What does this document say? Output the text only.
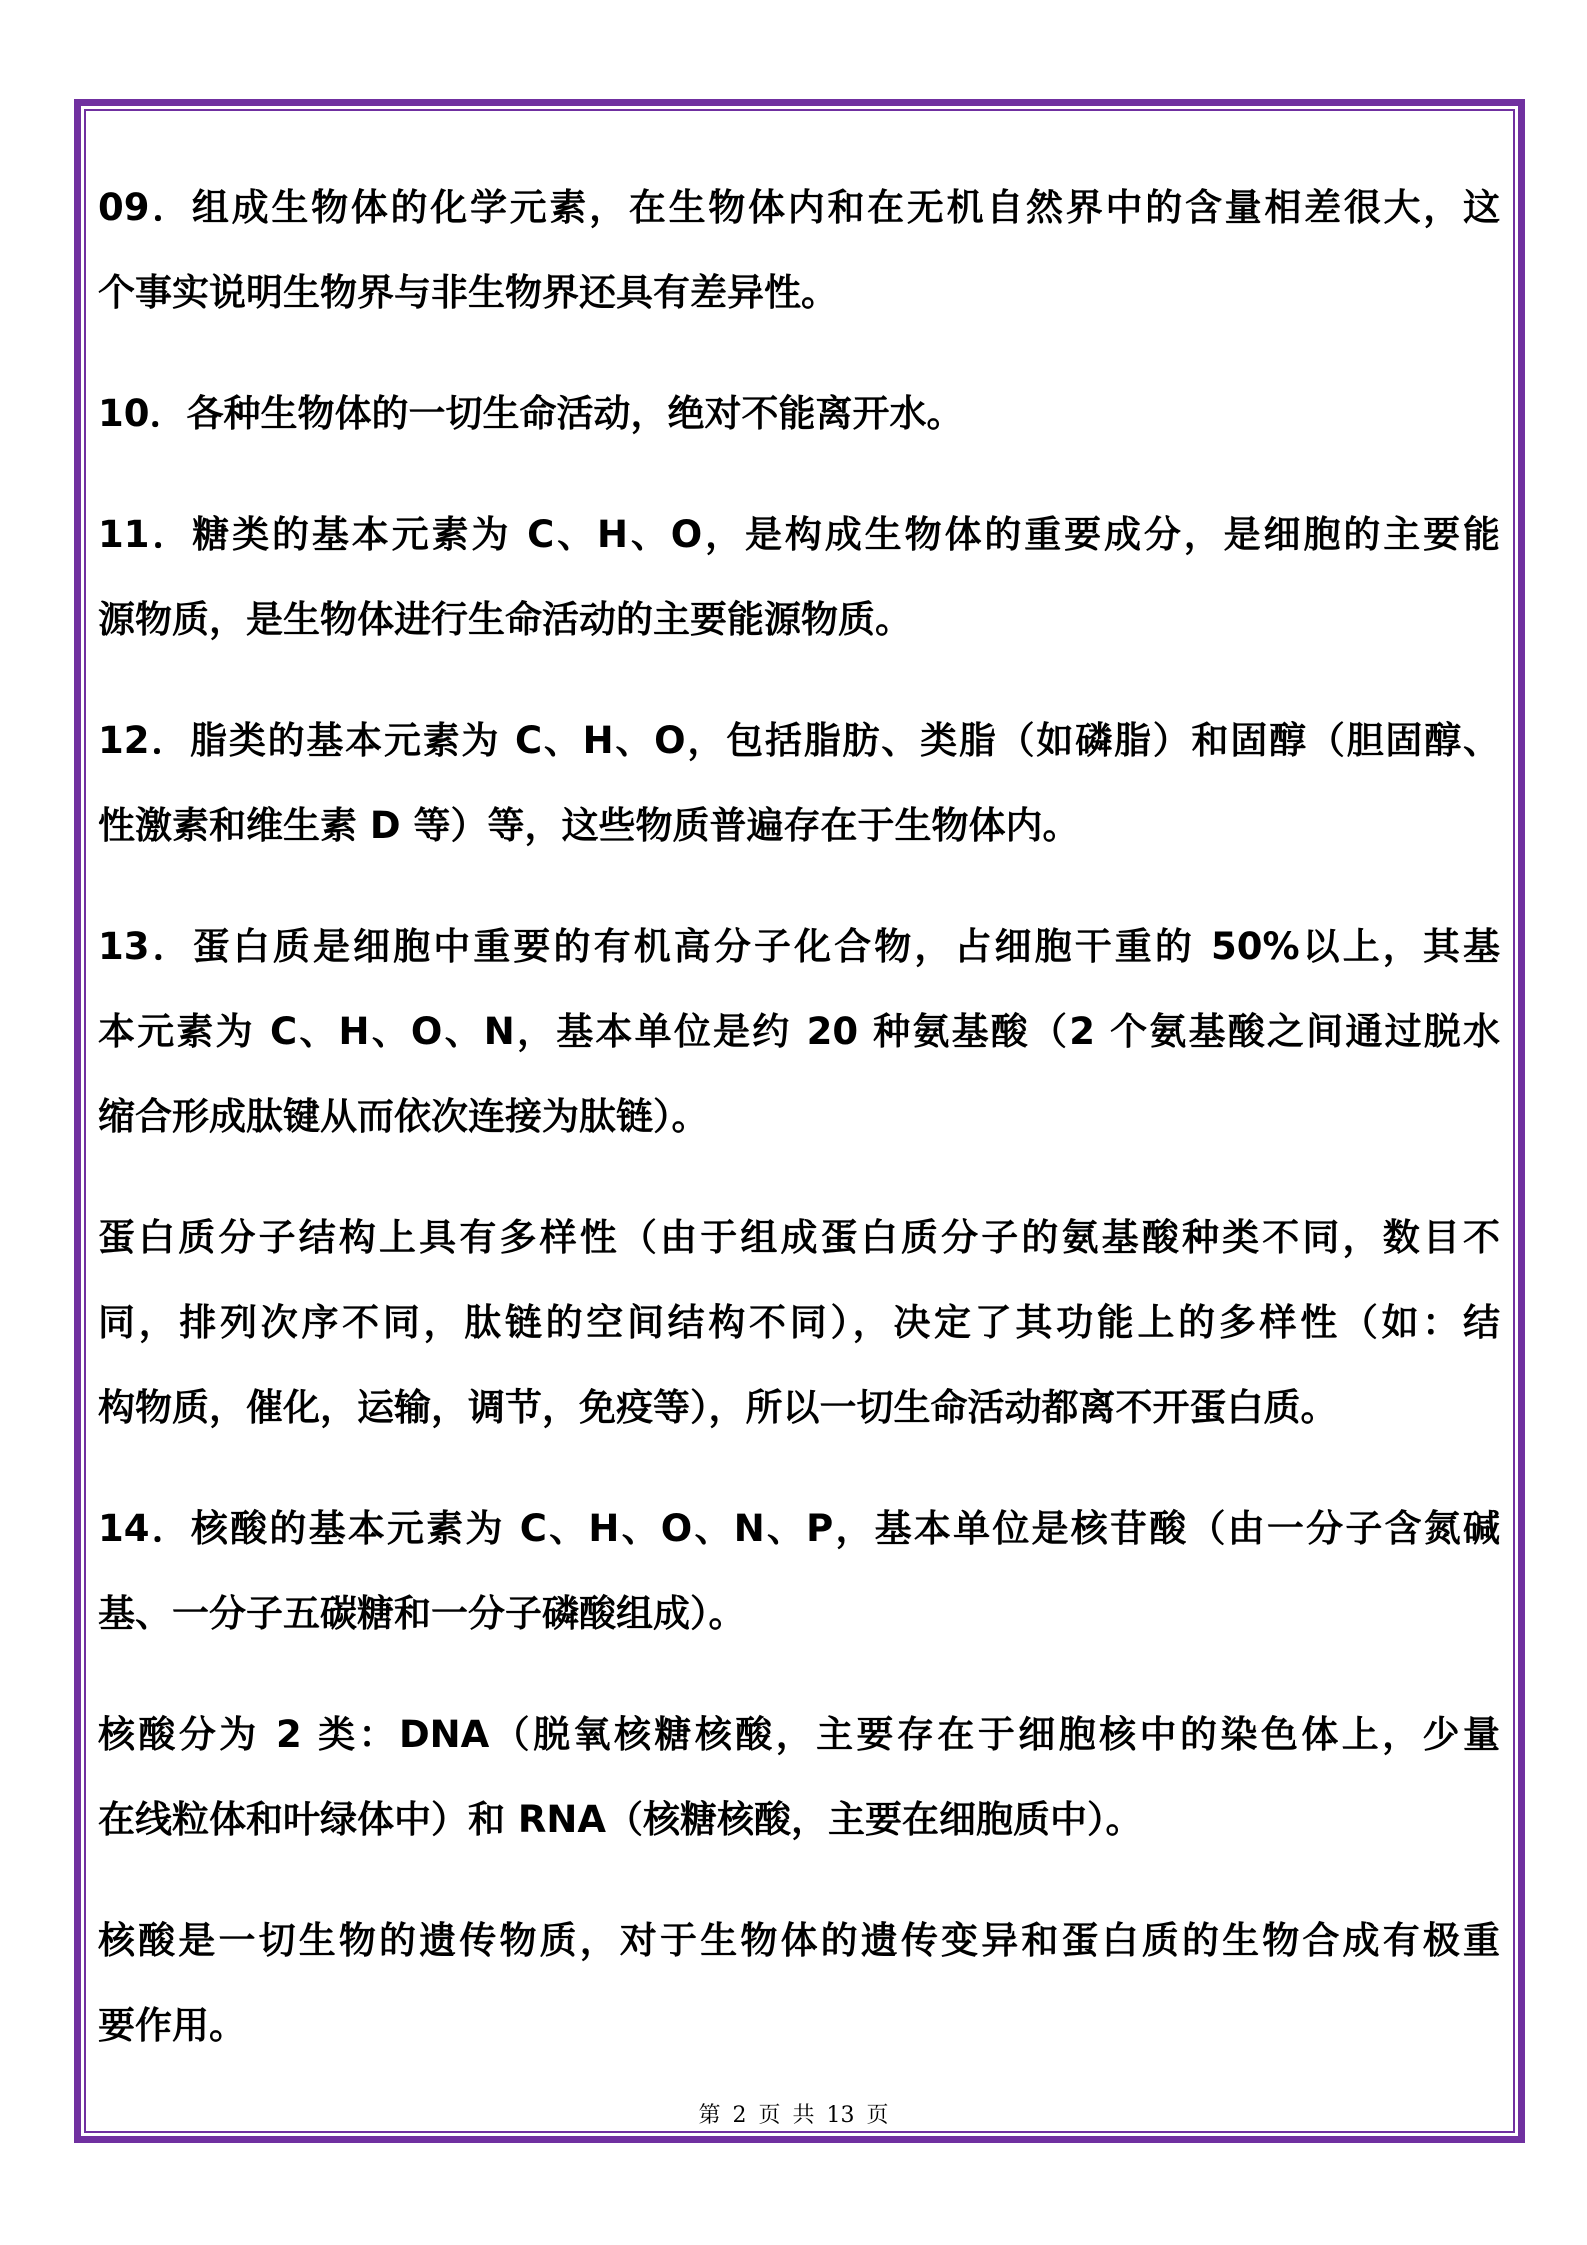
09．组成生物体的化学元素，在生物体内和在无机自然界中的含量相差很大，这
个事实说明生物界与非生物界还具有差异性。
10．各种生物体的一切生命活动，绝对不能离开水。
11．糖类的基本元素为 C、H、O，是构成生物体的重要成分，是细胞的主要能
源物质，是生物体进行生命活动的主要能源物质。
12．脂类的基本元素为 C、H、O，包括脂肪、类脂（如磷脂）和固醇（胆固醇、
性激素和维生素 D 等）等，这些物质普遍存在于生物体内。
13．蛋白质是细胞中重要的有机高分子化合物，占细胞干重的 50%以上，其基
本元素为 C、H、O、N，基本单位是约 20 种氨基酸（2 个氨基酸之间通过脱水
缩合形成肽键从而依次连接为肽链）。
蛋白质分子结构上具有多样性（由于组成蛋白质分子的氨基酸种类不同，数目不
同，排列次序不同，肽链的空间结构不同），决定了其功能上的多样性（如：结
构物质，催化，运输，调节，免疫等），所以一切生命活动都离不开蛋白质。
14．核酸的基本元素为 C、H、O、N、P，基本单位是核苷酸（由一分子含氮碱
基、一分子五碳糖和一分子磷酸组成）。
核酸分为 2 类：DNA（脱氧核糖核酸，主要存在于细胞核中的染色体上，少量
在线粒体和叶绿体中）和 RNA（核糖核酸，主要在细胞质中）。
核酸是一切生物的遗传物质，对于生物体的遗传变异和蛋白质的生物合成有极重
要作用。
第 2 页 共 13 页
